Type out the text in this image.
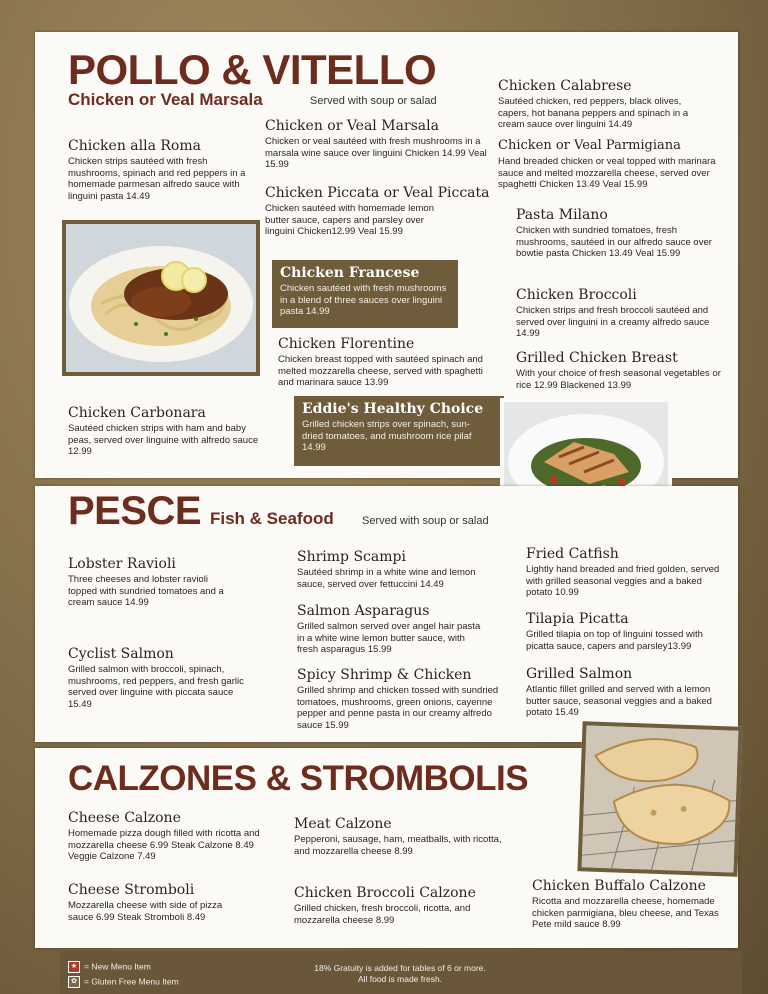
POLLO & VITELLO
Chicken or Veal Marsala	Served with soup or salad
Chicken alla Roma
Chicken strips sautéed with fresh mushrooms, spinach and red peppers in a homemade parmesan alfredo sauce with linguini pasta 14.49
Chicken or Veal Marsala
Chicken or veal sautéed with fresh mushrooms in a marsala wine sauce over linguini Chicken 14.99 Veal 15.99
Chicken Piccata or Veal Piccata
Chicken sautéed with homemade lemon butter sauce, capers and parsley over linguini Chicken12.99 Veal 15.99
Chicken Francese
Chicken sautéed with fresh mushrooms in a blend of three sauces over linguini pasta 14.99
Chicken Florentine
Chicken breast topped with sautéed spinach and melted mozzarella cheese, served with spaghetti and marinara sauce 13.99
Chicken Carbonara
Sautéed chicken strips with ham and baby peas, served over linguine with alfredo sauce 12.99
Eddie's Healthy Choice
Grilled chicken strips over spinach, sun-dried tomatoes, and mushroom rice pilaf 14.99
Chicken Calabrese
Sautéed chicken, red peppers, black olives, capers, hot banana peppers and spinach in a cream sauce over linguini 14.49
Chicken or Veal Parmigiana
Hand breaded chicken or veal topped with marinara sauce and melted mozzarella cheese, served over spaghetti Chicken 13.49 Veal 15.99
Pasta Milano
Chicken with sundried tomatoes, fresh mushrooms, sautéed in our alfredo sauce over bowtie pasta Chicken 13.49 Veal 15.99
Chicken Broccoli
Chicken strips and fresh broccoli sautéed and served over linguini in a creamy alfredo sauce 14.99
Grilled Chicken Breast
With your choice of fresh seasonal vegetables or rice 12.99 Blackened 13.99
PESCE Fish & Seafood	Served with soup or salad
Lobster Ravioli
Three cheeses and lobster ravioli topped with sundried tomatoes and a cream sauce 14.99
Cyclist Salmon
Grilled salmon with broccoli, spinach, mushrooms, red peppers, and fresh garlic served over linguine with piccata sauce 15.49
Shrimp Scampi
Sautéed shrimp in a white wine and lemon sauce, served over fettuccini 14.49
Salmon Asparagus
Grilled salmon served over angel hair pasta in a white wine lemon butter sauce, with fresh asparagus 15.99
Spicy Shrimp & Chicken
Grilled shrimp and chicken tossed with sundried tomatoes, mushrooms, green onions, cayenne pepper and penne pasta in our creamy alfredo sauce 15.99
Fried Catfish
Lightly hand breaded and fried golden, served with grilled seasonal veggies and a baked potato 10.99
Tilapia Picatta
Grilled tilapia on top of linguini tossed with picatta sauce, capers and parsley13.99
Grilled Salmon
Atlantic fillet grilled and served with a lemon butter sauce, seasonal veggies and a baked potato 15.49
CALZONES & STROMBOLIS
Cheese Calzone
Homemade pizza dough filled with ricotta and mozzarella cheese 6.99 Steak Calzone 8.49 Veggie Calzone 7.49
Cheese Stromboli
Mozzarella cheese with side of pizza sauce 6.99 Steak Stromboli 8.49
Meat Calzone
Pepperoni, sausage, ham, meatballs, with ricotta, and mozzarella cheese 8.99
Chicken Broccoli Calzone
Grilled chicken, fresh broccoli, ricotta, and mozzarella cheese 8.99
Chicken Buffalo Calzone
Ricotta and mozzarella cheese, homemade chicken parmigiana, bleu cheese, and Texas Pete mild sauce 8.99
★ = New Menu Item
✿ = Gluten Free Menu Item
18% Gratuity is added for tables of 6 or more.
All food is made fresh.
